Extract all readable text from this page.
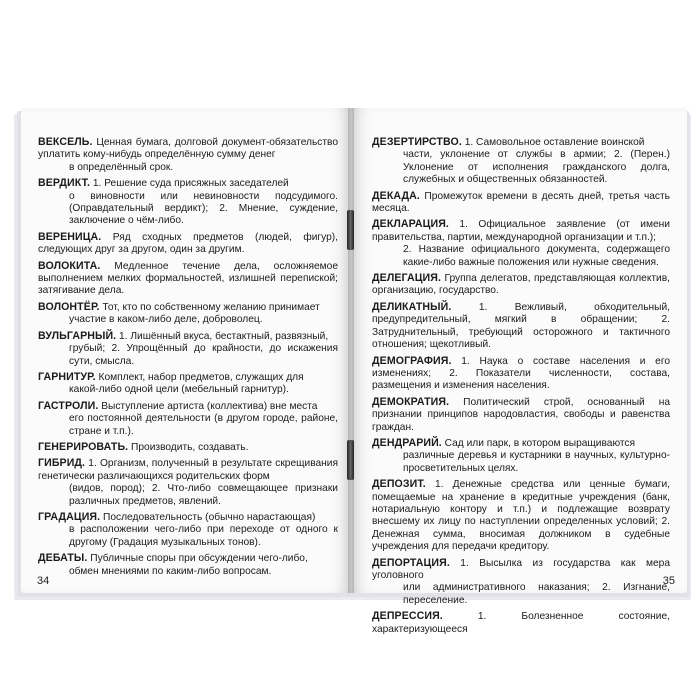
ВЕКСЕЛЬ. Ценная бумага, долговой документ-обязательство уплатить кому-нибудь определённую сумму денег
в определённый срок.
ВЕРДИКТ. 1. Решение суда присяжных заседателей
о виновности или невиновности подсудимого. (Оправдательный вердикт); 2. Мнение, суждение, заключение о чём-либо.
ВЕРЕНИЦА. Ряд сходных предметов (людей, фигур), следующих друг за другом, один за другим.
ВОЛОКИТА. Медленное течение дела, осложняемое выполнением мелких формальностей, излишней перепиской; затягивание дела.
ВОЛОНТЁР. Тот, кто по собственному желанию принимает
участие в каком-либо деле, доброволец.
ВУЛЬГАРНЫЙ. 1. Лишённый вкуса, бестактный, развязный,
грубый; 2. Упрощённый до крайности, до искажения сути, смысла.
ГАРНИТУР. Комплект, набор предметов, служащих для
какой-либо одной цели (мебельный гарнитур).
ГАСТРОЛИ. Выступление артиста (коллектива) вне места
его постоянной деятельности (в другом городе, районе, стране и т.п.).
ГЕНЕРИРОВАТЬ. Производить, создавать.
ГИБРИД. 1. Организм, полученный в результате скрещивания генетически различающихся родительских форм
(видов, пород); 2. Что-либо совмещающее признаки различных предметов, явлений.
ГРАДАЦИЯ. Последовательность (обычно нарастающая)
в расположении чего-либо при переходе от одного к другому (Градация музыкальных тонов).
ДЕБАТЫ. Публичные споры при обсуждении чего-либо,
обмен мнениями по каким-либо вопросам.
34
ДЕЗЕРТИРСТВО. 1. Самовольное оставление воинской
части, уклонение от службы в армии; 2. (Перен.) Уклонение от исполнения гражданского долга, служебных и общественных обязанностей.
ДЕКАДА. Промежуток времени в десять дней, третья часть месяца.
ДЕКЛАРАЦИЯ. 1. Официальное заявление (от имени правительства, партии, международной организации и т.п.);
2. Название официального документа, содержащего какие-либо важные положения или нужные сведения.
ДЕЛЕГАЦИЯ. Группа делегатов, представляющая коллектив, организацию, государство.
ДЕЛИКАТНЫЙ. 1. Вежливый, обходительный, предупредительный, мягкий в обращении; 2. Затруднительный, требующий осторожного и тактичного отношения; щекотливый.
ДЕМОГРАФИЯ. 1. Наука о составе населения и его изменениях; 2. Показатели численности, состава, размещения и изменения населения.
ДЕМОКРАТИЯ. Политический строй, основанный на признании принципов народовластия, свободы и равенства граждан.
ДЕНДРАРИЙ. Сад или парк, в котором выращиваются
различные деревья и кустарники в научных, культурно-просветительных целях.
ДЕПОЗИТ. 1. Денежные средства или ценные бумаги, помещаемые на хранение в кредитные учреждения (банк, нотариальную контору и т.п.) и подлежащие возврату внесшему их лицу по наступлении определенных условий; 2. Денежная сумма, вносимая должником в судебные учреждения для передачи кредитору.
ДЕПОРТАЦИЯ. 1. Высылка из государства как мера уголовного
или административного наказания; 2. Изгнание, переселение.
ДЕПРЕССИЯ. 1. Болезненное состояние, характеризующееся
35
